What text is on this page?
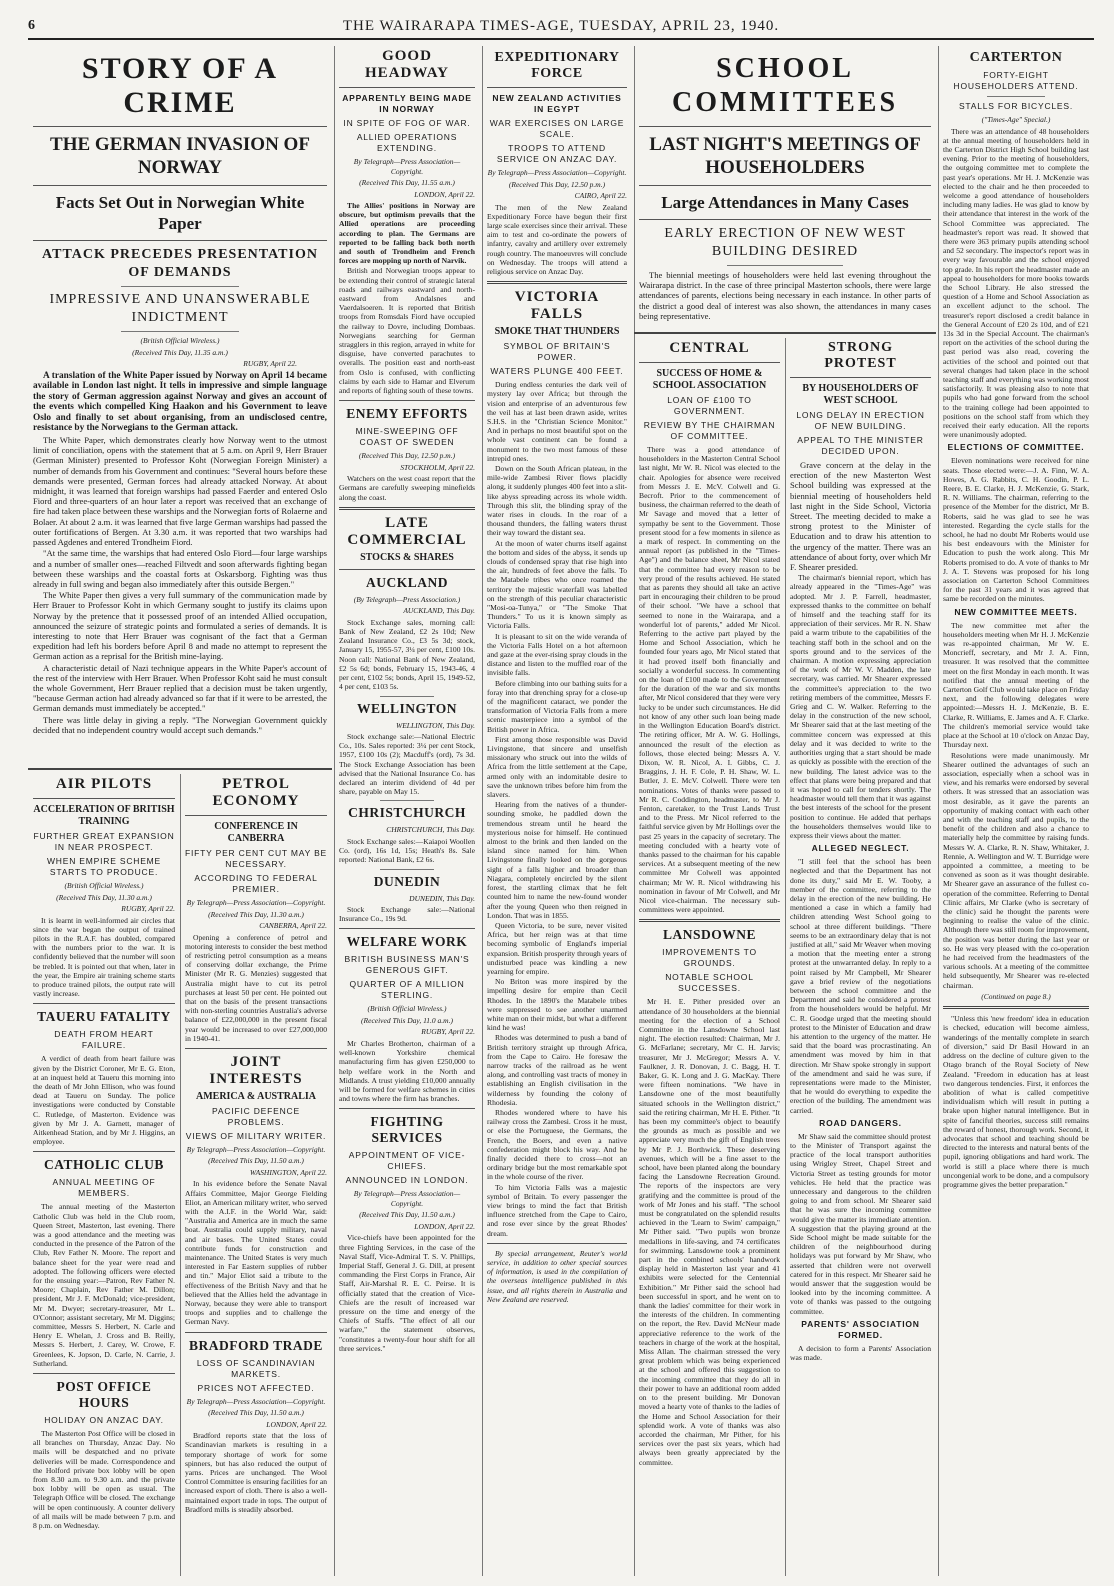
6	THE WAIRARAPA TIMES-AGE, TUESDAY, APRIL 23, 1940.
STORY OF A CRIME
THE GERMAN INVASION OF NORWAY
Facts Set Out in Norwegian White Paper
ATTACK PRECEDES PRESENTATION OF DEMANDS
IMPRESSIVE AND UNANSWERABLE INDICTMENT
(British Official Wireless.)
(Received This Day, 11.35 a.m.)
RUGBY, April 22.

A translation of the White Paper issued by Norway on April 14 became available in London last night. It tells in impressive and simple language the story of German aggression against Norway and gives an account of the events which compelled King Haakon and his Government to leave Oslo and finally to set about organising, from an undisclosed centre, resistance by the Norwegians to the German attack.

The White Paper, which demonstrates clearly how Norway went to the utmost limit of conciliation, opens with the statement that at 5 a.m. on April 9, Herr Brauer (German Minister) presented to Professor Koht (Norwegian Foreign Minister) a number of demands from his Government and continues: "Several hours before these demands were presented, German forces had already attacked Norway. At about midnight, it was learned that foreign warships had passed Faerder and entered Oslo Fiord and three-quarters of an hour later a report was received that an exchange of fire had taken place between these warships and the Norwegian forts of Rolaerne and Bolaer. At about 2 a.m. it was learned that five large German warships had passed the outer fortifications of Bergen. At 3.30 a.m. it was reported that two warships had passed Agdenes and entered Trondheim Fiord.

"At the same time, the warships that had entered Oslo Fiord—four large warships and a number of smaller ones—reached Filtvedt and soon afterwards fighting began between these warships and the coastal forts at Oskarsborg. Fighting was thus already in full swing and began also immediately after this outside Bergen."

The White Paper then gives a very full summary of the communication made by Herr Brauer to Professor Koht in which Germany sought to justify its claims upon Norway by the pretence that it possessed proof of an intended Allied occupation, announced the seizure of strategic points and formulated a series of demands. It is interesting to note that Herr Brauer was cognisant of the fact that a German expedition had left his borders before April 8 and made no attempt to represent the German action as a reprisal for the British mine-laying.

A characteristic detail of Nazi technique appears in the White Paper's account of the rest of the interview with Herr Brauer. When Professor Koht said he must consult the whole Government, Herr Brauer replied that a decision must be taken urgently, "because German action had already advanced so far that if it were to be arrested, the German demands must immediately be accepted."

There was little delay in giving a reply. "The Norwegian Government quickly decided that no independent country would accept such demands."

AIR PILOTS
ACCELERATION OF BRITISH TRAINING
FURTHER GREAT EXPANSION IN NEAR PROSPECT.
WHEN EMPIRE SCHEME STARTS TO PRODUCE.
(British Official Wireless.)
(Received This Day, 11.30 a.m.)
RUGBY, April 22.

It is learnt in well-informed air circles that since the war began the output of trained pilots in the R.A.F. has doubled, compared with the numbers prior to the war. It is confidently believed that the number will soon be trebled. It is pointed out that when, later in the year, the Empire air training scheme starts to produce trained pilots, the output rate will vastly increase.

TAUERU FATALITY
DEATH FROM HEART FAILURE.

A verdict of death from heart failure was given by the District Coroner, Mr E. G. Eton, at an inquest held at Taueru this morning into the death of Mr John Ellison, who was found dead at Taueru on Sunday. The police investigations were conducted by Constable C. Rutledge, of Masterton. Evidence was given by Mr J. A. Garnett, manager of Aitkenhead Station, and by Mr J. Higgins, an employee.

CATHOLIC CLUB
ANNUAL MEETING OF MEMBERS.

The annual meeting of the Masterton Catholic Club was held in the Club room, Queen Street, Masterton, last evening. There was a good attendance and the meeting was conducted in the presence of the Patron of the Club, Rev Father N. Moore. The report and balance sheet for the year were read and adopted. The following officers were elected for the ensuing year:—Patron, Rev Father N. Moore; Chaplain, Rev Father M. Dillon; president, Mr J. F. McDonald; vice-president, Mr M. Dwyer; secretary-treasurer, Mr L. O'Connor; assistant secretary, Mr M. Diggins; committee, Messrs S. Herbert, N. Carle and Henry E. Whelan, J. Cross and B. Reilly, Messrs S. Herbert, J. Carey, W. Crowe, F. Greenlees, K. Jopson, D. Carle, N. Carrie, J. Sutherland.

POST OFFICE HOURS
HOLIDAY ON ANZAC DAY.

The Masterton Post Office will be closed in all branches on Thursday, Anzac Day. No mails will be despatched and no private deliveries will be made. Correspondence and the Holford private box lobby will be open from 8.30 a.m. to 9.30 a.m. and the private box lobby will be open as usual. The Telegraph Office will be closed. The exchange will be open continuously. A counter delivery of all mails will be made between 7 p.m. and 8 p.m. on Wednesday.

PETROL ECONOMY
CONFERENCE IN CANBERRA
FIFTY PER CENT CUT MAY BE NECESSARY.
ACCORDING TO FEDERAL PREMIER.
By Telegraph—Press Association—Copyright.
(Received This Day, 11.30 a.m.)
CANBERRA, April 22.

Opening a conference of petrol and motoring interests to consider the best method of restricting petrol consumption as a means of conserving dollar exchange, the Prime Minister (Mr R. G. Menzies) suggested that Australia might have to cut its petrol purchases at least 50 per cent. He pointed out that on the basis of the present transactions with non-sterling countries Australia's adverse balance of £22,000,000 in the present fiscal year would be increased to over £27,000,000 in 1940-41.

JOINT INTERESTS
AMERICA & AUSTRALIA
PACIFIC DEFENCE PROBLEMS.
VIEWS OF MILITARY WRITER.
By Telegraph—Press Association—Copyright.
(Received This Day, 11.50 a.m.)
WASHINGTON, April 22.

In his evidence before the Senate Naval Affairs Committee, Major George Fielding Eliot, an American military writer, who served with the A.I.F. in the World War, said: "Australia and America are in much the same boat. Australia could supply military, naval and air bases. The United States could contribute funds for construction and maintenance. The United States is very much interested in Far Eastern supplies of rubber and tin." Major Eliot said a tribute to the effectiveness of the British Navy and that he believed that the Allies held the advantage in Norway, because they were able to transport troops and supplies and to challenge the German Navy.

BRADFORD TRADE
LOSS OF SCANDINAVIAN MARKETS.
PRICES NOT AFFECTED.
By Telegraph—Press Association—Copyright.
(Received This Day, 11.50 a.m.)
LONDON, April 22.

Bradford reports state that the loss of Scandinavian markets is resulting in a temporary shortage of work for some spinners, but has also reduced the output of yarns. Prices are unchanged. The Wool Control Committee is ensuring facilities for an increased export of cloth. There is also a well-maintained export trade in tops. The output of Bradford mills is steadily absorbed.

GOOD HEADWAY
APPARENTLY BEING MADE IN NORWAY
IN SPITE OF FOG OF WAR.
ALLIED OPERATIONS EXTENDING.
By Telegraph—Press Association—Copyright.
(Received This Day, 11.55 a.m.)
LONDON, April 22.

The Allies' positions in Norway are obscure, but optimism prevails that the Allied operations are proceeding according to plan. The Germans are reported to be falling back both north and south of Trondheim and French forces are mopping up north of Narvik.

British and Norwegian troops appear to be extending their control of strategic lateral roads and railways eastward and north-eastward from Andalsnes and Vaerdalsoeren. It is reported that British troops from Romsdals Fiord have occupied the railway to Dovre, including Dombaas. Norwegians searching for German stragglers in this region, arrayed in white for disguise, have converted parachutes to overalls. The position east and north-east from Oslo is confused, with conflicting claims by each side to Hamar and Elverum and reports of fighting south of these towns.

ENEMY EFFORTS
MINE-SWEEPING OFF COAST OF SWEDEN
(Received This Day, 12.50 p.m.)
STOCKHOLM, April 22.

Watchers on the west coast report that the Germans are carefully sweeping minefields along the coast.

LATE COMMERCIAL
STOCKS & SHARES
AUCKLAND
(By Telegraph—Press Association.)
AUCKLAND, This Day.

Stock Exchange sales, morning call: Bank of New Zealand, £2 2s 10d; New Zealand Insurance Co., £3 5s 3d; stock, January 15, 1955-57, 3¼ per cent, £100 10s. Noon call: National Bank of New Zealand, £2 5s 6d; bonds, February 15, 1943-46, 4 per cent, £102 5s; bonds, April 15, 1949-52, 4 per cent, £103 5s.

WELLINGTON
WELLINGTON, This Day.

Stock exchange sale:—National Electric Co., 10s. Sales reported: 3¼ per cent Stock, 1957, £100 10s (2); Macduff's (ord), 7s 3d. The Stock Exchange Association has been advised that the National Insurance Co. has declared an interim dividend of 4d per share, payable on May 15.

CHRISTCHURCH
CHRISTCHURCH, This Day.

Stock Exchange sales:—Kaiapoi Woollen Co. (ord), 16s 1d, 15s; Heath's 8s. Sale reported: National Bank, £2 6s.

DUNEDIN
DUNEDIN, This Day.

Stock Exchange sale:—National Insurance Co., 19s 9d.

WELFARE WORK
BRITISH BUSINESS MAN'S GENEROUS GIFT.
QUARTER OF A MILLION STERLING.
(British Official Wireless.)
(Received This Day, 11.0 a.m.)
RUGBY, April 22.

Mr Charles Brotherton, chairman of a well-known Yorkshire chemical manufacturing firm has given £250,000 to help welfare work in the North and Midlands. A trust yielding £10,000 annually will be formed for welfare schemes in cities and towns where the firm has branches.

FIGHTING SERVICES
APPOINTMENT OF VICE-CHIEFS.
ANNOUNCED IN LONDON.
By Telegraph—Press Association—Copyright.
(Received This Day, 11.50 a.m.)
LONDON, April 22.

Vice-chiefs have been appointed for the three Fighting Services, in the case of the Naval Staff, Vice-Admiral T. S. V. Phillips, Imperial Staff, General J. G. Dill, at present commanding the First Corps in France, Air Staff, Air-Marshal R. E. C. Peirse. It is officially stated that the creation of Vice-Chiefs are the result of increased war pressure on the time and energy of the Chiefs of Staffs. "The effect of all our warfare," the statement observes, "constitutes a twenty-four hour shift for all three services."

EXPEDITIONARY FORCE
NEW ZEALAND ACTIVITIES IN EGYPT
WAR EXERCISES ON LARGE SCALE.
TROOPS TO ATTEND SERVICE ON ANZAC DAY.
By Telegraph—Press Association—Copyright.
(Received This Day, 12.50 p.m.)
CAIRO, April 22.

The men of the New Zealand Expeditionary Force have begun their first large scale exercises since their arrival. These aim to test and co-ordinate the powers of infantry, cavalry and artillery over extremely rough country. The manoeuvres will conclude on Wednesday. The troops will attend a religious service on Anzac Day.

VICTORIA FALLS
SMOKE THAT THUNDERS
SYMBOL OF BRITAIN'S POWER.
WATERS PLUNGE 400 FEET.

During endless centuries the dark veil of mystery lay over Africa; but through the vision and enterprise of an adventurous few the veil has at last been drawn aside, writes S.H.S. in the "Christian Science Monitor." And in perhaps no most beautiful spot on the whole vast continent can be found a monument to the two most famous of these intrepid ones.

Down on the South African plateau, in the mile-wide Zambesi River flows placidly along, it suddenly plunges 400 feet into a slit-like abyss spreading across its whole width. Through this slit, the blinding spray of the water rises in clouds. In the roar of a thousand thunders, the falling waters thrust their way toward the distant sea.

At the moon of water churns itself against the bottom and sides of the abyss, it sends up clouds of condensed spray that rise high into the air, hundreds of feet above the falls. To the Matabele tribes who once roamed the territory the majestic waterfall was labelled on the strength of this peculiar characteristic "Mosi-oa-Tunya," or "The Smoke That Thunders." To us it is known simply as Victoria Falls.

It is pleasant to sit on the wide veranda of the Victoria Falls Hotel on a hot afternoon and gaze at the ever-rising spray clouds in the distance and listen to the muffled roar of the invisible falls.

Before climbing into our bathing suits for a foray into that drenching spray for a close-up of the magnificent cataract, we ponder the transformation of Victoria Falls from a mere scenic masterpiece into a symbol of the British power in Africa.

First among those responsible was David Livingstone, that sincere and unselfish missionary who struck out into the wilds of Africa from the little settlement at the Cape, armed only with an indomitable desire to save the unknown tribes before him from the slavers.

Hearing from the natives of a thunder-sounding smoke, he paddled down the tremendous stream until he heard the mysterious noise for himself. He continued almost to the brink and then landed on the island since named for him. When Livingstone finally looked on the gorgeous sight of a falls higher and broader than Niagara, completely encircled by the silent forest, the startling climax that he felt counted him to name the new-found wonder after the young Queen who then reigned in London. That was in 1855.

Queen Victoria, to be sure, never visited Africa, but her reign was at that time becoming symbolic of England's imperial expansion. British prosperity through years of undisturbed peace was kindling a new yearning for empire.

No Briton was more inspired by the impelling desire for empire than Cecil Rhodes. In the 1890's the Matabele tribes were suppressed to see another unarmed white man on their midst, but what a different kind he was!

Rhodes was determined to push a band of British territory straight up through Africa, from the Cape to Cairo. He foresaw the narrow tracks of the railroad as he went along, and controlling vast tracts of money in establishing an English civilisation in the wilderness by founding the colony of Rhodesia.

Rhodes wondered where to have his railway cross the Zambesi. Cross it he must, or else the Portuguese, the Germans, the French, the Boers, and even a native confederation might block his way. And he finally decided there to cross—not an ordinary bridge but the most remarkable spot in the whole course of the river.

To him Victoria Falls was a majestic symbol of Britain. To every passenger the view brings to mind the fact that British influence stretched from the Cape to Cairo, and rose ever since by the great Rhodes' dream.

By special arrangement, Reuter's world service, in addition to other special sources of information, is used in the compilation of the overseas intelligence published in this issue, and all rights therein in Australia and New Zealand are reserved.

SCHOOL COMMITTEES
LAST NIGHT'S MEETINGS OF HOUSEHOLDERS
Large Attendances in Many Cases
EARLY ERECTION OF NEW WEST BUILDING DESIRED

The biennial meetings of householders were held last evening throughout the Wairarapa district. In the case of three principal Masterton schools, there were large attendances of parents, elections being necessary in each instance. In other parts of the district a good deal of interest was also shown, the attendances in many cases being representative.

CENTRAL
SUCCESS OF HOME & SCHOOL ASSOCIATION
LOAN OF £100 TO GOVERNMENT.
REVIEW BY THE CHAIRMAN OF COMMITTEE.

There was a good attendance of householders in the Masterton Central School last night, Mr W. R. Nicol was elected to the chair. Apologies for absence were received from Messrs J. E. McV. Colwell and G. Becroft. Prior to the commencement of business, the chairman referred to the death of Mr Savage and moved that a letter of sympathy be sent to the Government. Those present stood for a few moments in silence as a mark of respect. In commenting on the annual report (as published in the "Times-Age") and the balance sheet, Mr Nicol stated that the committee had every reason to be very proud of the results achieved. He stated that as parents they should all take an active part in encouraging their children to be proud of their school. "We have a school that seemed to none in the Wairarapa, and a wonderful lot of parents," added Mr Nicol. Referring to the active part played by the Home and School Association, which he founded four years ago, Mr Nicol stated that it had proved itself both financially and socially a wonderful success. In commenting on the loan of £100 made to the Government for the duration of the war and six months after, Mr Nicol considered that they were very lucky to be under such circumstances. He did not know of any other such loan being made in the Wellington Education Board's district. The retiring officer, Mr A. W. G. Hollings, announced the result of the election as follows, those elected being: Messrs A. V. Dixon, W. R. Nicol, A. I. Gibbs, C. J. Braggins, J. H. F. Cole, P. H. Shaw, W. L. Butler, J. E. McV. Colwell. There were ten nominations. Votes of thanks were passed to Mr R. C. Coddington, headmaster, to Mr J. Fenton, caretaker, to the Trust Lands Trust and to the Press. Mr Nicol referred to the faithful service given by Mr Hollings over the past 25 years in the capacity of secretary. The meeting concluded with a hearty vote of thanks passed to the chairman for his capable services. At a subsequent meeting of the new committee Mr Colwell was appointed chairman; Mr W. R. Nicol withdrawing his nomination in favour of Mr Colwell, and Mr Nicol vice-chairman. The necessary sub-committees were appointed.

LANSDOWNE
IMPROVEMENTS TO GROUNDS.
NOTABLE SCHOOL SUCCESSES.

Mr H. E. Pither presided over an attendance of 30 householders at the biennial meeting for the election of a School Committee in the Lansdowne School last night. The election resulted: Chairman, Mr J. G. McFarlane; secretary, Mr C. H. Jarvis; treasurer, Mr J. McGregor; Messrs A. V. Faulkner, J. R. Donovan, J. C. Bagg, H. T. Baker, G. K. Long and J. G. MacKay. There were fifteen nominations. "We have in Lansdowne one of the most beautifully situated schools in the Wellington district," said the retiring chairman, Mr H. E. Pither. "It has been my committee's object to beautify the grounds as much as possible and we appreciate very much the gift of English trees by Mr P. J. Borthwick. These deserving avenues, which will be a fine asset to the school, have been planted along the boundary facing the Lansdowne Recreation Ground. The reports of the inspectors are very gratifying and the committee is proud of the work of Mr Jones and his staff. "The school must be congratulated on the splendid results achieved in the 'Learn to Swim' campaign," Mr Pither said. "Two pupils won bronze medallions in life-saving, and 74 certificates for swimming. Lansdowne took a prominent part in the combined schools' handwork display held in Masterton last year and 41 exhibits were selected for the Centennial Exhibition." Mr Pither said the school had been successful in sport, and he went on to thank the ladies' committee for their work in the interests of the children. In commenting on the report, the Rev. David McNeur made appreciative reference to the work of the teachers in charge of the work at the hospital, Miss Allan. The chairman stressed the very great problem which was being experienced at the school and offered this suggestion to the incoming committee that they do all in their power to have an additional room added on to the present building. Mr Donovan moved a hearty vote of thanks to the ladies of the Home and School Association for their splendid work. A vote of thanks was also accorded the chairman, Mr Pither, for his services over the past six years, which had always been greatly appreciated by the committee.

STRONG PROTEST
BY HOUSEHOLDERS OF WEST SCHOOL
LONG DELAY IN ERECTION OF NEW BUILDING.
APPEAL TO THE MINISTER DECIDED UPON.

Grave concern at the delay in the erection of the new Masterton West School building was expressed at the biennial meeting of householders held last night in the Side School, Victoria Street. The meeting decided to make a strong protest to the Minister of Education and to draw his attention to the urgency of the matter. There was an attendance of about forty, over which Mr F. Shearer presided.

The chairman's biennial report, which has already appeared in the "Times-Age" was adopted. Mr J. P. Farrell, headmaster, expressed thanks to the committee on behalf of himself and the teaching staff for its appreciation of their services. Mr R. N. Shaw paid a warm tribute to the capabilities of the teaching staff both in the school and on the sports ground and to the services of the chairman. A motion expressing appreciation of the work of Mr W. V. Madden, the late secretary, was carried. Mr Shearer expressed the committee's appreciation to the two retiring members of the committee, Messrs F. Grieg and C. W. Walker. Referring to the delay in the construction of the new school, Mr Shearer said that at the last meeting of the committee concern was expressed at this delay and it was decided to write to the authorities urging that a start should be made as quickly as possible with the erection of the new building. The latest advice was to the effect that plans were being prepared and that it was hoped to call for tenders shortly. The headmaster would tell them that it was against the best interests of the school for the present position to continue. He added that perhaps the householders themselves would like to express their views about the matter.

ALLEGED NEGLECT.

"I still feel that the school has been neglected and that the Department has not done its duty," said Mr E. W. Tooby, a member of the committee, referring to the delay in the erection of the new building. He mentioned a case in which a family had children attending West School going to school at three different buildings. "There seems to be an extraordinary delay that is not justified at all," said Mr Weaver when moving a motion that the meeting enter a strong protest at the unwarranted delay. In reply to a point raised by Mr Campbell, Mr Shearer gave a brief review of the negotiations between the school committee and the Department and said he considered a protest from the householders would be helpful. Mr C. R. Goodge urged that the meeting should protest to the Minister of Education and draw his attention to the urgency of the matter. He said that the board was procrastinating. An amendment was moved by him in that direction. Mr Shaw spoke strongly in support of the amendment and said he was sure, if representations were made to the Minister, that he would do everything to expedite the erection of the building. The amendment was carried.

ROAD DANGERS.

Mr Shaw said the committee should protest to the Minister of Transport against the practice of the local transport authorities using Wrigley Street, Chapel Street and Victoria Street as testing grounds for motor vehicles. He held that the practice was unnecessary and dangerous to the children going to and from school. Mr Shearer said that he was sure the incoming committee would give the matter its immediate attention. A suggestion that the playing ground at the Side School might be made suitable for the children of the neighbourhood during holidays was put forward by Mr Shaw, who asserted that children were not overwell catered for in this respect. Mr Shearer said he would answer that the suggestion would be looked into by the incoming committee. A vote of thanks was passed to the outgoing committee.

PARENTS' ASSOCIATION FORMED.

A decision to form a Parents' Association was made.

CARTERTON
FORTY-EIGHT HOUSEHOLDERS ATTEND.
STALLS FOR BICYCLES.
("Times-Age" Special.)

There was an attendance of 48 householders at the annual meeting of householders held in the Carterton District High School building last evening. Prior to the meeting of householders, the outgoing committee met to complete the past year's operations. Mr H. J. McKenzie was elected to the chair and he then proceeded to welcome a good attendance of householders including many ladies. He was glad to know by their attendance that interest in the work of the School Committee was appreciated. The headmaster's report was read. It showed that there were 363 primary pupils attending school and 52 secondary. The inspector's report was in every way favourable and the school enjoyed top grade. In his report the headmaster made an appeal to householders for more books towards the School Library. He also stressed the question of a Home and School Association as an excellent adjunct to the school. The treasurer's report disclosed a credit balance in the General Account of £20 2s 10d, and of £21 13s 3d in the Special Account. The chairman's report on the activities of the school during the past period was also read, covering the activities of the school and pointed out that several changes had taken place in the school teaching staff and everything was working most satisfactorily. It was pleasing also to note that pupils who had gone forward from the school to the training college had been appointed to positions on the school staff from which they received their early education. All the reports were unanimously adopted.

ELECTIONS OF COMMITTEE.

Eleven nominations were received for nine seats. Those elected were:—J. A. Finn, W. A. Howes, A. G. Rabbits, C. H. Goodin, P. L. Reere, B. E. Clarke, H. J. McKenzie, G. Stark, R. N. Williams. The chairman, referring to the presence of the Member for the district, Mr B. Roberts, said he was glad to see he was interested. Regarding the cycle stalls for the school, he had no doubt Mr Roberts would use his best endeavours with the Minister for Education to push the work along. This Mr Roberts promised to do. A vote of thanks to Mr J. A. T. Stevens was proposed for his long association on Carterton School Committees for the past 31 years and it was agreed that same be recorded on the minutes.

NEW COMMITTEE MEETS.

The new committee met after the householders meeting when Mr H. J. McKenzie was re-appointed chairman, Mr W. E. Moncrieff, secretary, and Mr J. A. Finn, treasurer. It was resolved that the committee meet on the first Monday in each month. It was notified that the annual meeting of the Carterton Golf Club would take place on Friday next, and the following delegates were appointed:—Messrs H. J. McKenzie, B. E. Clarke, R. Williams, E. James and A. F. Clarke. The children's memorial service would take place at the School at 10 o'clock on Anzac Day, Thursday next.

Resolutions were made unanimously. Mr Shearer outlined the advantages of such an association, especially when a school was in view, and his remarks were endorsed by several others. It was stressed that an association was most desirable, as it gave the parents an opportunity of making contact with each other and with the teaching staff and pupils, to the benefit of the children and also a chance to materially help the committee by raising funds. Messrs W. A. Clarke, R. N. Shaw, Whitaker, J. Rennie, A. Wellington and W. T. Burridge were appointed a committee, a meeting to be convened as soon as it was thought desirable. Mr Shearer gave an assurance of the fullest co-operation of the committee. Referring to Dental Clinic affairs, Mr Clarke (who is secretary of the clinic) said he thought the parents were beginning to realise the value of the clinic. Although there was still room for improvement, the position was better during the last year or so. He was very pleased with the co-operation he had received from the headmasters of the various schools. At a meeting of the committee held subsequently, Mr Shearer was re-elected chairman.

(Continued on page 8.)

"Unless this 'new freedom' idea in education is checked, education will become aimless, wanderings of the mentally complete in search of diversion," said Dr Basil Howard in an address on the decline of culture given to the Otago branch of the Royal Society of New Zealand. "Freedom in education has at least two dangerous tendencies. First, it enforces the abolition of what is called competitive individualism which will result in putting a brake upon higher natural intelligence. But in spite of fanciful theories, success still remains the reward of honest, thorough work. Second, it advocates that school and teaching should be directed to the interests and natural bents of the pupil, ignoring obligations and hard work. The world is still a place where there is much uncongenial work to be done, and a compulsory programme gives the better preparation."
